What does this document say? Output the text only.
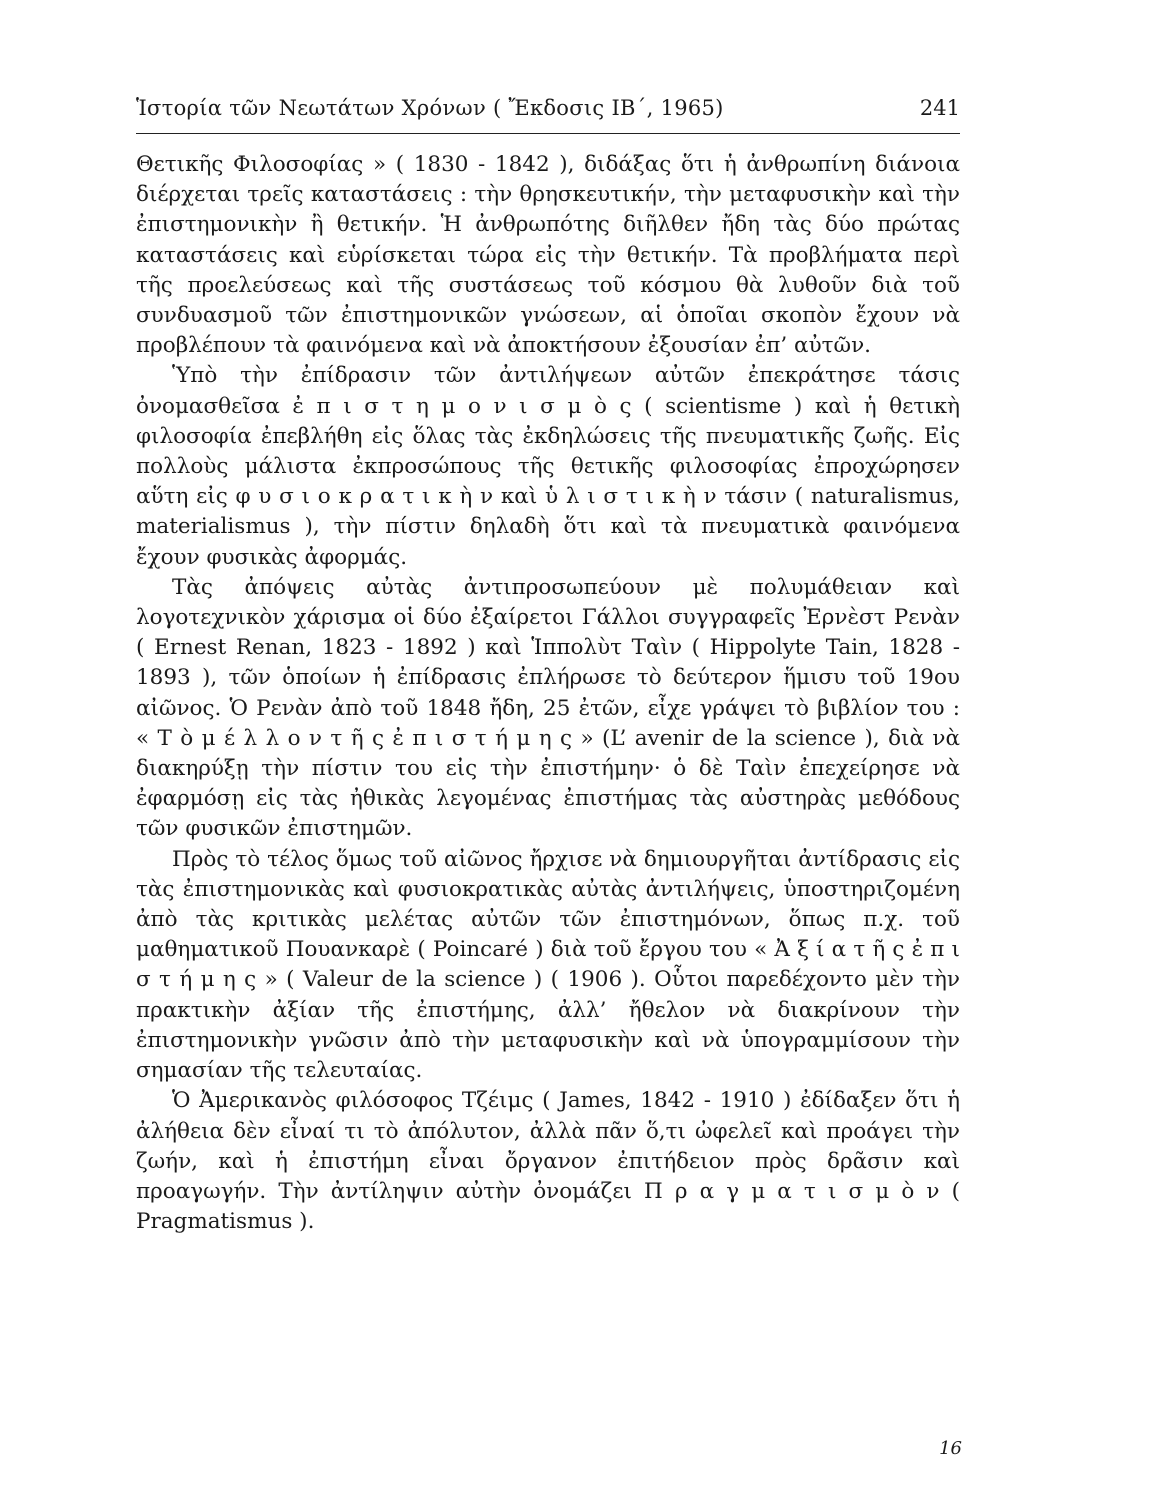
Ἱστορία τῶν Νεωτάτων Χρόνων ( Ἔκδοσις ΙΒ΄, 1965)	241

Θετικῆς Φιλοσοφίας » ( 1830 - 1842 ), διδάξας ὅτι ἡ ἀνθρωπίνη διάνοια διέρχεται τρεῖς καταστάσεις : τὴν θρησκευτικήν, τὴν μεταφυσικὴν καὶ τὴν ἐπιστημονικὴν ἢ θετικήν. Ἡ ἀνθρωπότης διῆλθεν ἤδη τὰς δύο πρώτας καταστάσεις καὶ εὑρίσκεται τώρα εἰς τὴν θετικήν. Τὰ προβλήματα περὶ τῆς προελεύσεως καὶ τῆς συστάσεως τοῦ κόσμου θὰ λυθοῦν διὰ τοῦ συνδυασμοῦ τῶν ἐπιστημονικῶν γνώσεων, αἱ ὁποῖαι σκοπὸν ἔχουν νὰ προβλέπουν τὰ φαινόμενα καὶ νὰ ἀποκτήσουν ἐξουσίαν ἐπ’ αὐτῶν.

Ὑπὸ τὴν ἐπίδρασιν τῶν ἀντιλήψεων αὐτῶν ἐπεκράτησε τάσις ὀνομασθεῖσα ἐ π ι σ τ η μ ο ν ι σ μ ὸ ς ( scientisme ) καὶ ἡ θετικὴ φιλοσοφία ἐπεβλήθη εἰς ὅλας τὰς ἐκδηλώσεις τῆς πνευματικῆς ζωῆς. Εἰς πολλοὺς μάλιστα ἐκπροσώπους τῆς θετικῆς φιλοσοφίας ἐπροχώρησεν αὕτη εἰς φ υ σ ι ο κ ρ α τ ι κ ὴ ν καὶ ὑ λ ι σ τ ι κ ὴ ν τάσιν ( naturalismus, materialismus ), τὴν πίστιν δηλαδὴ ὅτι καὶ τὰ πνευματικὰ φαινόμενα ἔχουν φυσικὰς ἀφορμάς.

Τὰς ἀπόψεις αὐτὰς ἀντιπροσωπεύουν μὲ πολυμάθειαν καὶ λογοτεχνικὸν χάρισμα οἱ δύο ἐξαίρετοι Γάλλοι συγγραφεῖς Ἐρνὲστ Ρενὰν ( Ernest Renan, 1823 - 1892 ) καὶ Ἱππολὺτ Ταὶν ( Hippolyte Tain, 1828 - 1893 ), τῶν ὁποίων ἡ ἐπίδρασις ἐπλήρωσε τὸ δεύτερον ἥμισυ τοῦ 19ου αἰῶνος. Ὁ Ρενὰν ἀπὸ τοῦ 1848 ἤδη, 25 ἐτῶν, εἶχε γράψει τὸ βιβλίον του : « Τ ὸ μ έ λ λ ο ν τ ῆ ς ἐ π ι σ τ ή μ η ς » (L’ avenir de la science ), διὰ νὰ διακηρύξῃ τὴν πίστιν του εἰς τὴν ἐπιστήμην· ὁ δὲ Ταὶν ἐπεχείρησε νὰ ἐφαρμόσῃ εἰς τὰς ἠθικὰς λεγομένας ἐπιστήμας τὰς αὐστηρὰς μεθόδους τῶν φυσικῶν ἐπιστημῶν.

Πρὸς τὸ τέλος ὅμως τοῦ αἰῶνος ἤρχισε νὰ δημιουργῆται ἀντίδρασις εἰς τὰς ἐπιστημονικὰς καὶ φυσιοκρατικὰς αὐτὰς ἀντιλήψεις, ὑποστηριζομένη ἀπὸ τὰς κριτικὰς μελέτας αὐτῶν τῶν ἐπιστημόνων, ὅπως π.χ. τοῦ μαθηματικοῦ Πουανκαρὲ ( Poincaré ) διὰ τοῦ ἔργου του « Ἀ ξ ί α τ ῆ ς ἐ π ι σ τ ή μ η ς » ( Valeur de la science ) ( 1906 ). Οὗτοι παρεδέχοντο μὲν τὴν πρακτικὴν ἀξίαν τῆς ἐπιστήμης, ἀλλ’ ἤθελον νὰ διακρίνουν τὴν ἐπιστημονικὴν γνῶσιν ἀπὸ τὴν μεταφυσικὴν καὶ νὰ ὑπογραμμίσουν τὴν σημασίαν τῆς τελευταίας.

Ὁ Ἀμερικανὸς φιλόσοφος Τζέιμς ( James, 1842 - 1910 ) ἐδίδαξεν ὅτι ἡ ἀλήθεια δὲν εἶναί τι τὸ ἀπόλυτον, ἀλλὰ πᾶν ὅ,τι ὠφελεῖ καὶ προάγει τὴν ζωήν, καὶ ἡ ἐπιστήμη εἶναι ὄργανον ἐπιτήδειον πρὸς δρᾶσιν καὶ προαγωγήν. Τὴν ἀντίληψιν αὐτὴν ὀνομάζει Π ρ α γ μ α τ ι σ μ ὸ ν ( Pragmatismus ).

16
